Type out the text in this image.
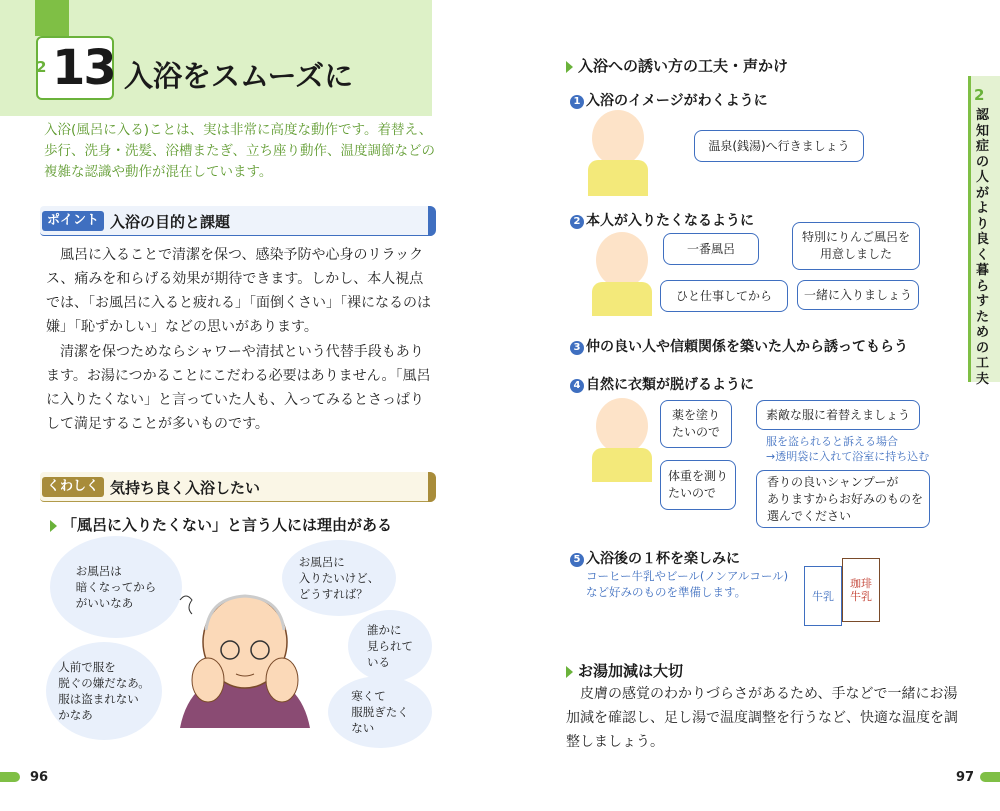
2 13 入浴をスムーズに
入浴(風呂に入る)ことは、実は非常に高度な動作です。着替え、歩行、洗身・洗髪、浴槽またぎ、立ち座り動作、温度調節などの複雑な認識や動作が混在しています。
ポイント 入浴の目的と課題
風呂に入ることで清潔を保つ、感染予防や心身のリラックス、痛みを和らげる効果が期待できます。しかし、本人視点では、「お風呂に入ると疲れる」「面倒くさい」「裸になるのは嫌」「恥ずかしい」などの思いがあります。
清潔を保つためならシャワーや清拭という代替手段もあります。お湯につかることにこだわる必要はありません。「風呂に入りたくない」と言っていた人も、入ってみるとさっぱりして満足することが多いものです。
くわしく 気持ち良く入浴したい
「風呂に入りたくない」と言う人には理由がある
お風呂は
暗くなってから
がいいなあ
お風呂に
入りたいけど、
どうすれば？
誰かに
見られて
いる
人前で服を
脱ぐの嫌だなあ。
服は盗まれない
かなあ
寒くて
服脱ぎたく
ない
96
2
認知症の人がより良く暮らすための工夫
入浴への誘い方の工夫・声かけ
1 入浴のイメージがわくように
温泉(銭湯)へ行きましょう
2 本人が入りたくなるように
一番風呂
特別にりんご風呂を
用意しました
ひと仕事してから	一緒に入りましょう
3 仲の良い人や信頼関係を築いた人から誘ってもらう
4 自然に衣類が脱げるように
薬を塗り
たいので
素敵な服に着替えましょう
服を盗られると訴える場合
→透明袋に入れて浴室に持ち込む
体重を測り
たいので
香りの良いシャンプーが
ありますからお好みのものを
選んでください
5 入浴後の１杯を楽しみに
コーヒー牛乳やビール(ノンアルコール)
など好みのものを準備します。	牛乳
珈琲
牛乳
お湯加減は大切
皮膚の感覚のわかりづらさがあるため、手などで一緒にお湯加減を確認し、足し湯で温度調整を行うなど、快適な温度を調整しましょう。
97
